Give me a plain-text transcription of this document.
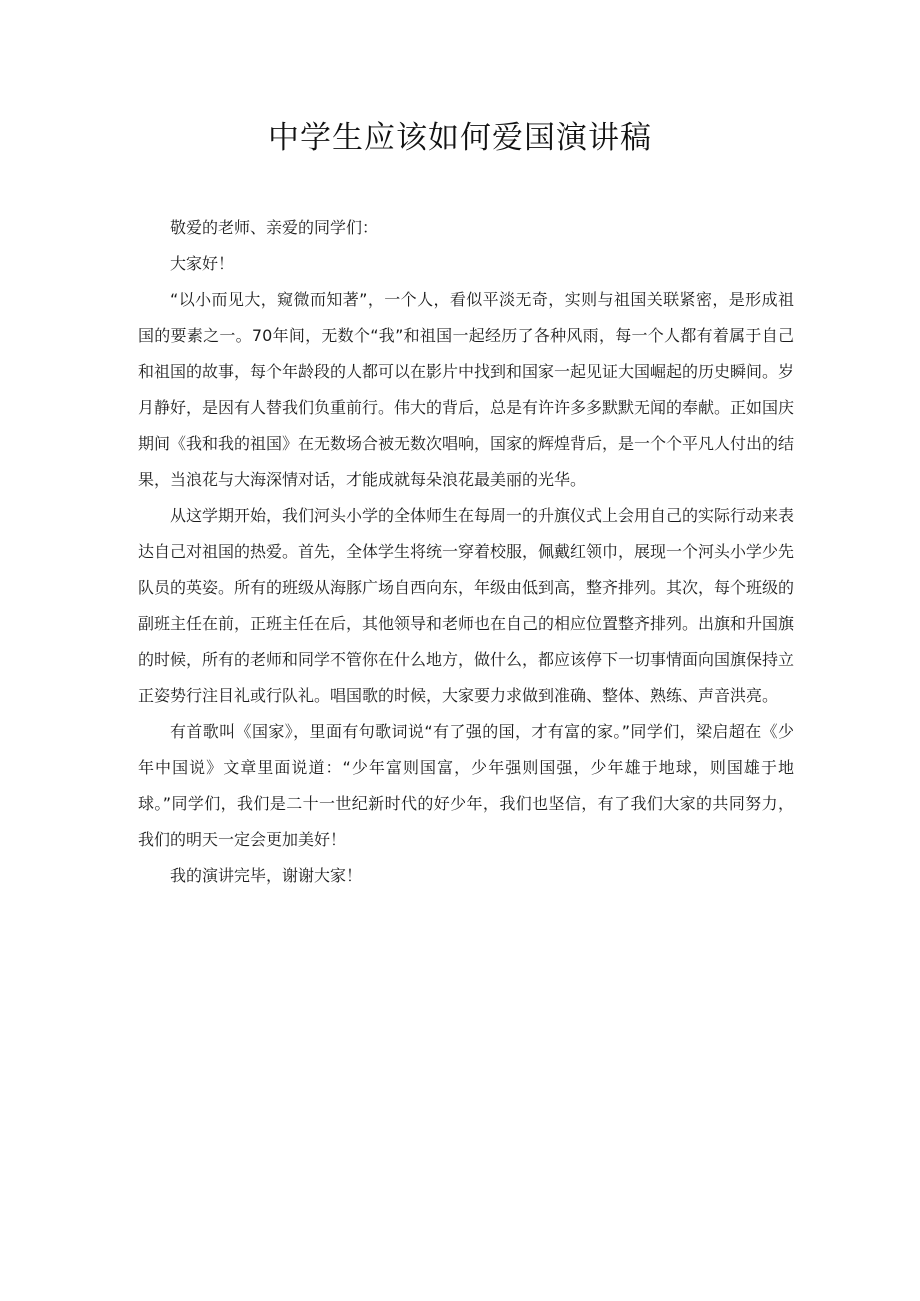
中学生应该如何爱国演讲稿

敬爱的老师、亲爱的同学们：

大家好！

“以小而见大，窥微而知著”，一个人，看似平淡无奇，实则与祖国关联紧密，是形成祖国的要素之一。70年间，无数个“我”和祖国一起经历了各种风雨，每一个人都有着属于自己和祖国的故事，每个年龄段的人都可以在影片中找到和国家一起见证大国崛起的历史瞬间。岁月静好，是因有人替我们负重前行。伟大的背后，总是有许许多多默默无闻的奉献。正如国庆期间《我和我的祖国》在无数场合被无数次唱响，国家的辉煌背后，是一个个平凡人付出的结果，当浪花与大海深情对话，才能成就每朵浪花最美丽的光华。

从这学期开始，我们河头小学的全体师生在每周一的升旗仪式上会用自己的实际行动来表达自己对祖国的热爱。首先，全体学生将统一穿着校服，佩戴红领巾，展现一个河头小学少先队员的英姿。所有的班级从海豚广场自西向东，年级由低到高，整齐排列。其次，每个班级的副班主任在前，正班主任在后，其他领导和老师也在自己的相应位置整齐排列。出旗和升国旗的时候，所有的老师和同学不管你在什么地方，做什么，都应该停下一切事情面向国旗保持立正姿势行注目礼或行队礼。唱国歌的时候，大家要力求做到准确、整体、熟练、声音洪亮。

有首歌叫《国家》，里面有句歌词说“有了强的国，才有富的家。”同学们，梁启超在《少年中国说》文章里面说道：“少年富则国富，少年强则国强，少年雄于地球，则国雄于地球。”同学们，我们是二十一世纪新时代的好少年，我们也坚信，有了我们大家的共同努力，我们的明天一定会更加美好！

我的演讲完毕，谢谢大家！
